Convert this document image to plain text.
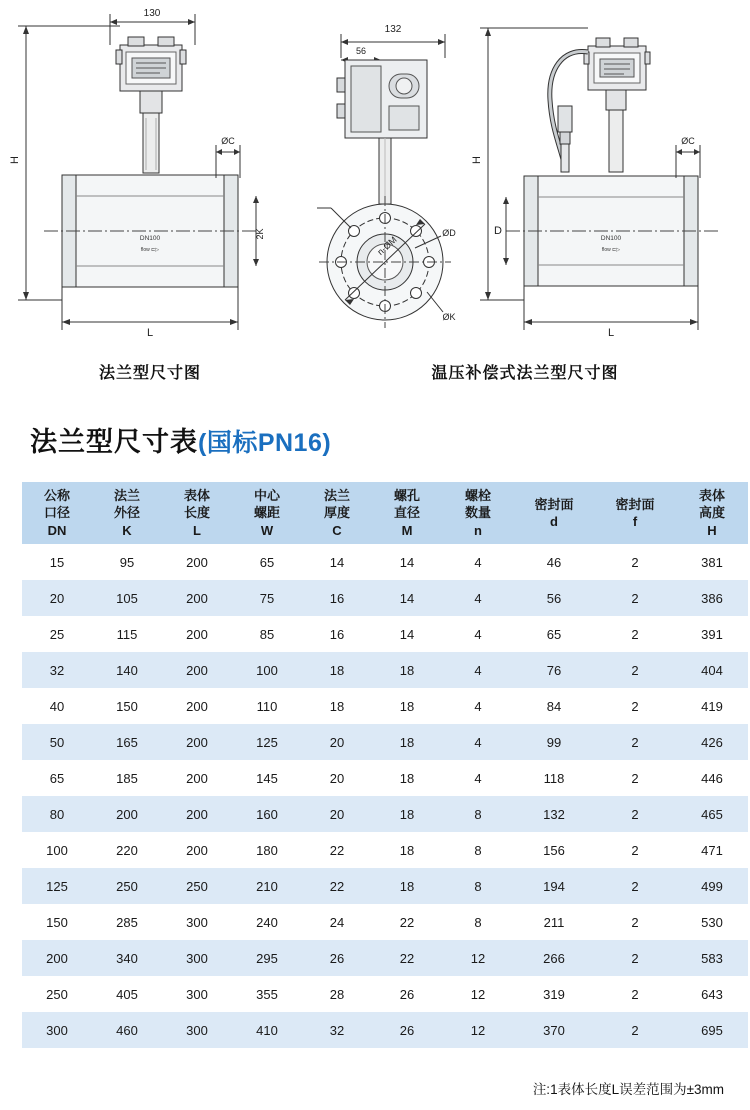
130
H
L
ØC
2K
DN100
flow ⊏▷
132
56
n-ØM
ØD
ØK
H
D
L
ØC
DN100
flow ⊏▷
法兰型尺寸图	温压补偿式法兰型尺寸图
法兰型尺寸表 (国标PN16)
公称
口径
DN	法兰
外径
K	表体
长度
L	中心
螺距
W	法兰
厚度
C	螺孔
直径
M	螺栓
数量
n	密封面
d	密封面
f	表体
高度
H

15	95	200	65	14	14	4	46	2	381
20	105	200	75	16	14	4	56	2	386
25	115	200	85	16	14	4	65	2	391
32	140	200	100	18	18	4	76	2	404
40	150	200	110	18	18	4	84	2	419
50	165	200	125	20	18	4	99	2	426
65	185	200	145	20	18	4	118	2	446
80	200	200	160	20	18	8	132	2	465
100	220	200	180	22	18	8	156	2	471
125	250	250	210	22	18	8	194	2	499
150	285	300	240	24	22	8	211	2	530
200	340	300	295	26	22	12	266	2	583
250	405	300	355	28	26	12	319	2	643
300	460	300	410	32	26	12	370	2	695
注:1表体长度L误差范围为±3mm
